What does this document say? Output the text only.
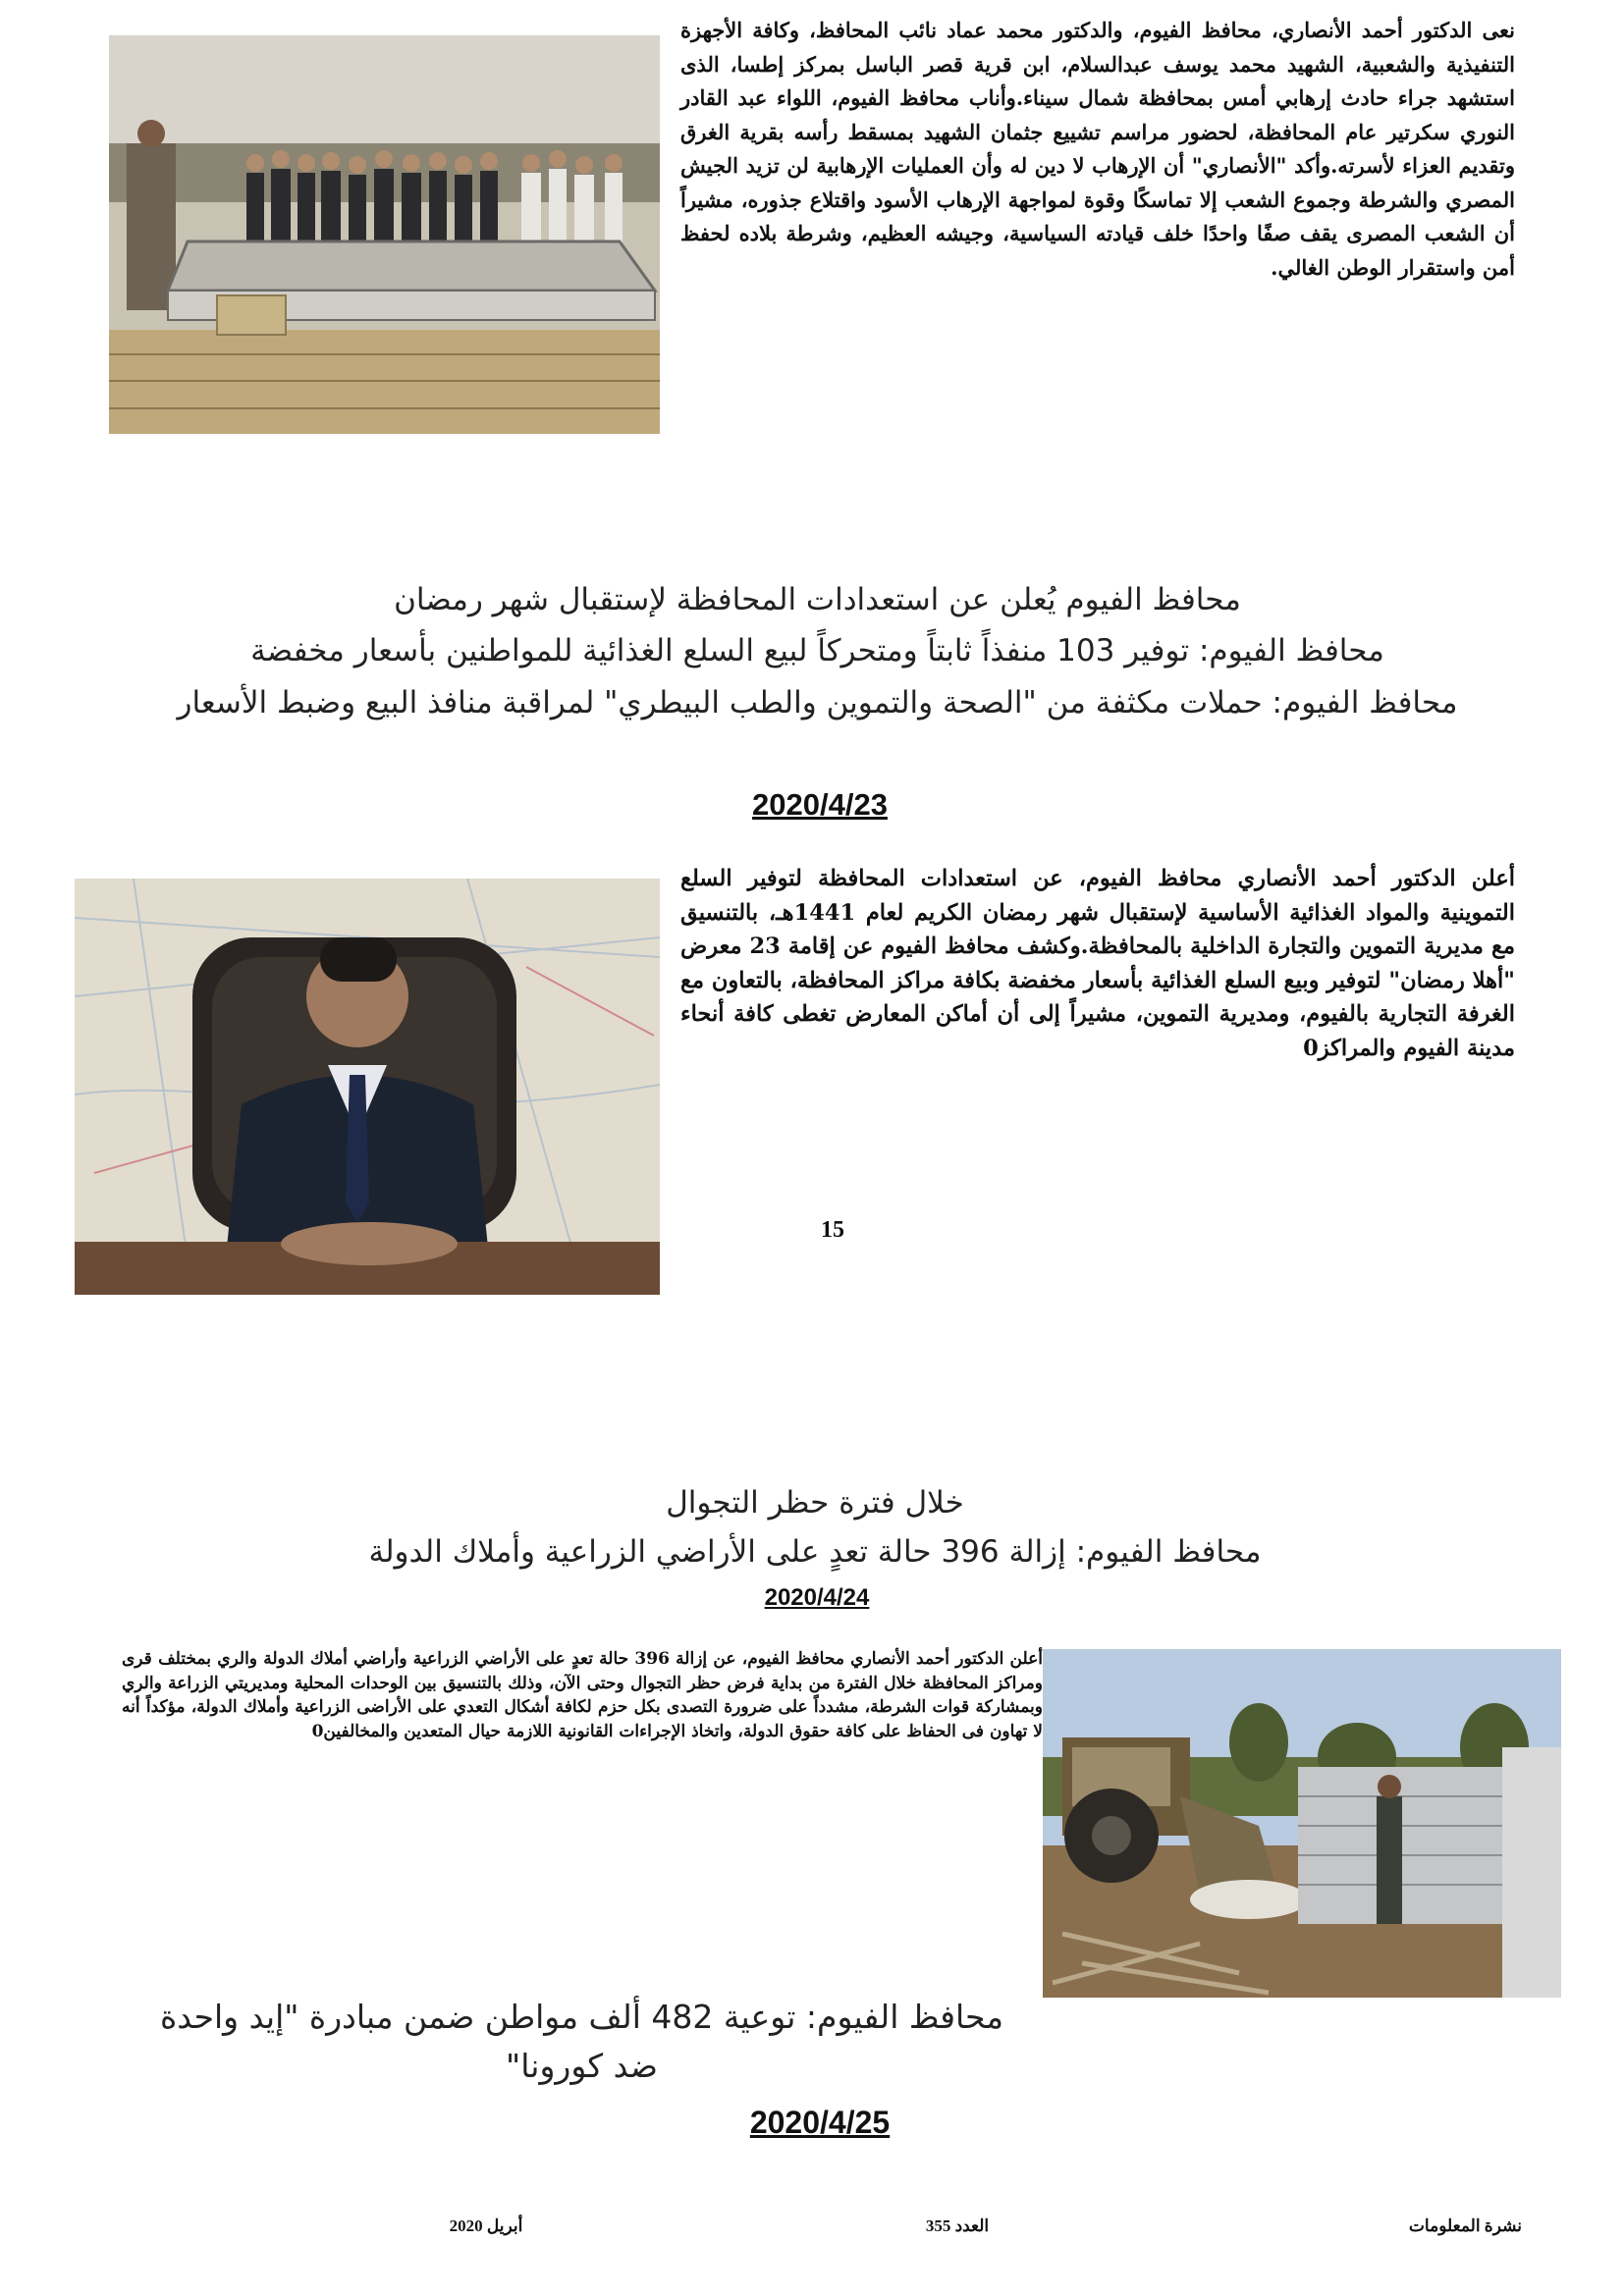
نعى الدكتور أحمد الأنصاري، محافظ الفيوم، والدكتور محمد عماد نائب المحافظ، وكافة الأجهزة التنفيذية والشعبية، الشهيد محمد يوسف عبدالسلام، ابن قرية قصر الباسل بمركز إطسا، الذى استشهد جراء حادث إرهابي أمس بمحافظة شمال سيناء.وأناب محافظ الفيوم، اللواء عبد القادر النوري سكرتير عام المحافظة، لحضور مراسم تشييع جثمان الشهيد بمسقط رأسه بقرية الغرق وتقديم العزاء لأسرته.وأكد "الأنصاري" أن الإرهاب لا دين له وأن العمليات الإرهابية لن تزيد الجيش المصري والشرطة وجموع الشعب إلا تماسكًا وقوة لمواجهة الإرهاب الأسود واقتلاع جذوره، مشيراً أن الشعب المصرى يقف صفًا واحدًا خلف قيادته السياسية، وجيشه العظيم، وشرطة بلاده لحفظ أمن واستقرار الوطن الغالي.
محافظ الفيوم يُعلن عن استعدادات المحافظة لإستقبال شهر رمضان
محافظ الفيوم: توفير 103 منفذاً ثابتاً ومتحركاً لبيع السلع الغذائية للمواطنين بأسعار مخفضة
محافظ الفيوم: حملات مكثفة من "الصحة والتموين والطب البيطري" لمراقبة منافذ البيع وضبط الأسعار
2020/4/23
أعلن الدكتور أحمد الأنصاري محافظ الفيوم، عن استعدادات المحافظة لتوفير السلع التموينية والمواد الغذائية الأساسية لإستقبال شهر رمضان الكريم لعام 1441هـ، بالتنسيق مع مديرية التموين والتجارة الداخلية بالمحافظة.وكشف محافظ الفيوم عن إقامة 23 معرض "أهلا رمضان" لتوفير وبيع السلع الغذائية بأسعار مخفضة بكافة مراكز المحافظة، بالتعاون مع الغرفة التجارية بالفيوم، ومديرية التموين، مشيراً إلى أن أماكن المعارض تغطى كافة أنحاء مدينة الفيوم والمراكز0
15
خلال فترة حظر التجوال
محافظ الفيوم: إزالة 396 حالة تعدٍ على الأراضي الزراعية وأملاك الدولة
2020/4/24
أعلن الدكتور أحمد الأنصاري محافظ الفيوم، عن إزالة 396 حالة تعدٍ على الأراضي الزراعية وأراضي أملاك الدولة والري بمختلف قرى ومراكز المحافظة خلال الفترة من بداية فرض حظر التجوال وحتى الآن، وذلك بالتنسيق بين الوحدات المحلية ومديريتي الزراعة والري وبمشاركة قوات الشرطة، مشدداً على ضرورة التصدى بكل حزم لكافة أشكال التعدي على الأراضى الزراعية وأملاك الدولة، مؤكداً أنه لا تهاون فى الحفاظ على كافة حقوق الدولة، واتخاذ الإجراءات القانونية اللازمة حيال المتعدين والمخالفين0
محافظ الفيوم: توعية 482 ألف مواطن ضمن مبادرة "إيد واحدة ضد كورونا"
2020/4/25
نشرة المعلومات
العدد 355
أبريل 2020
